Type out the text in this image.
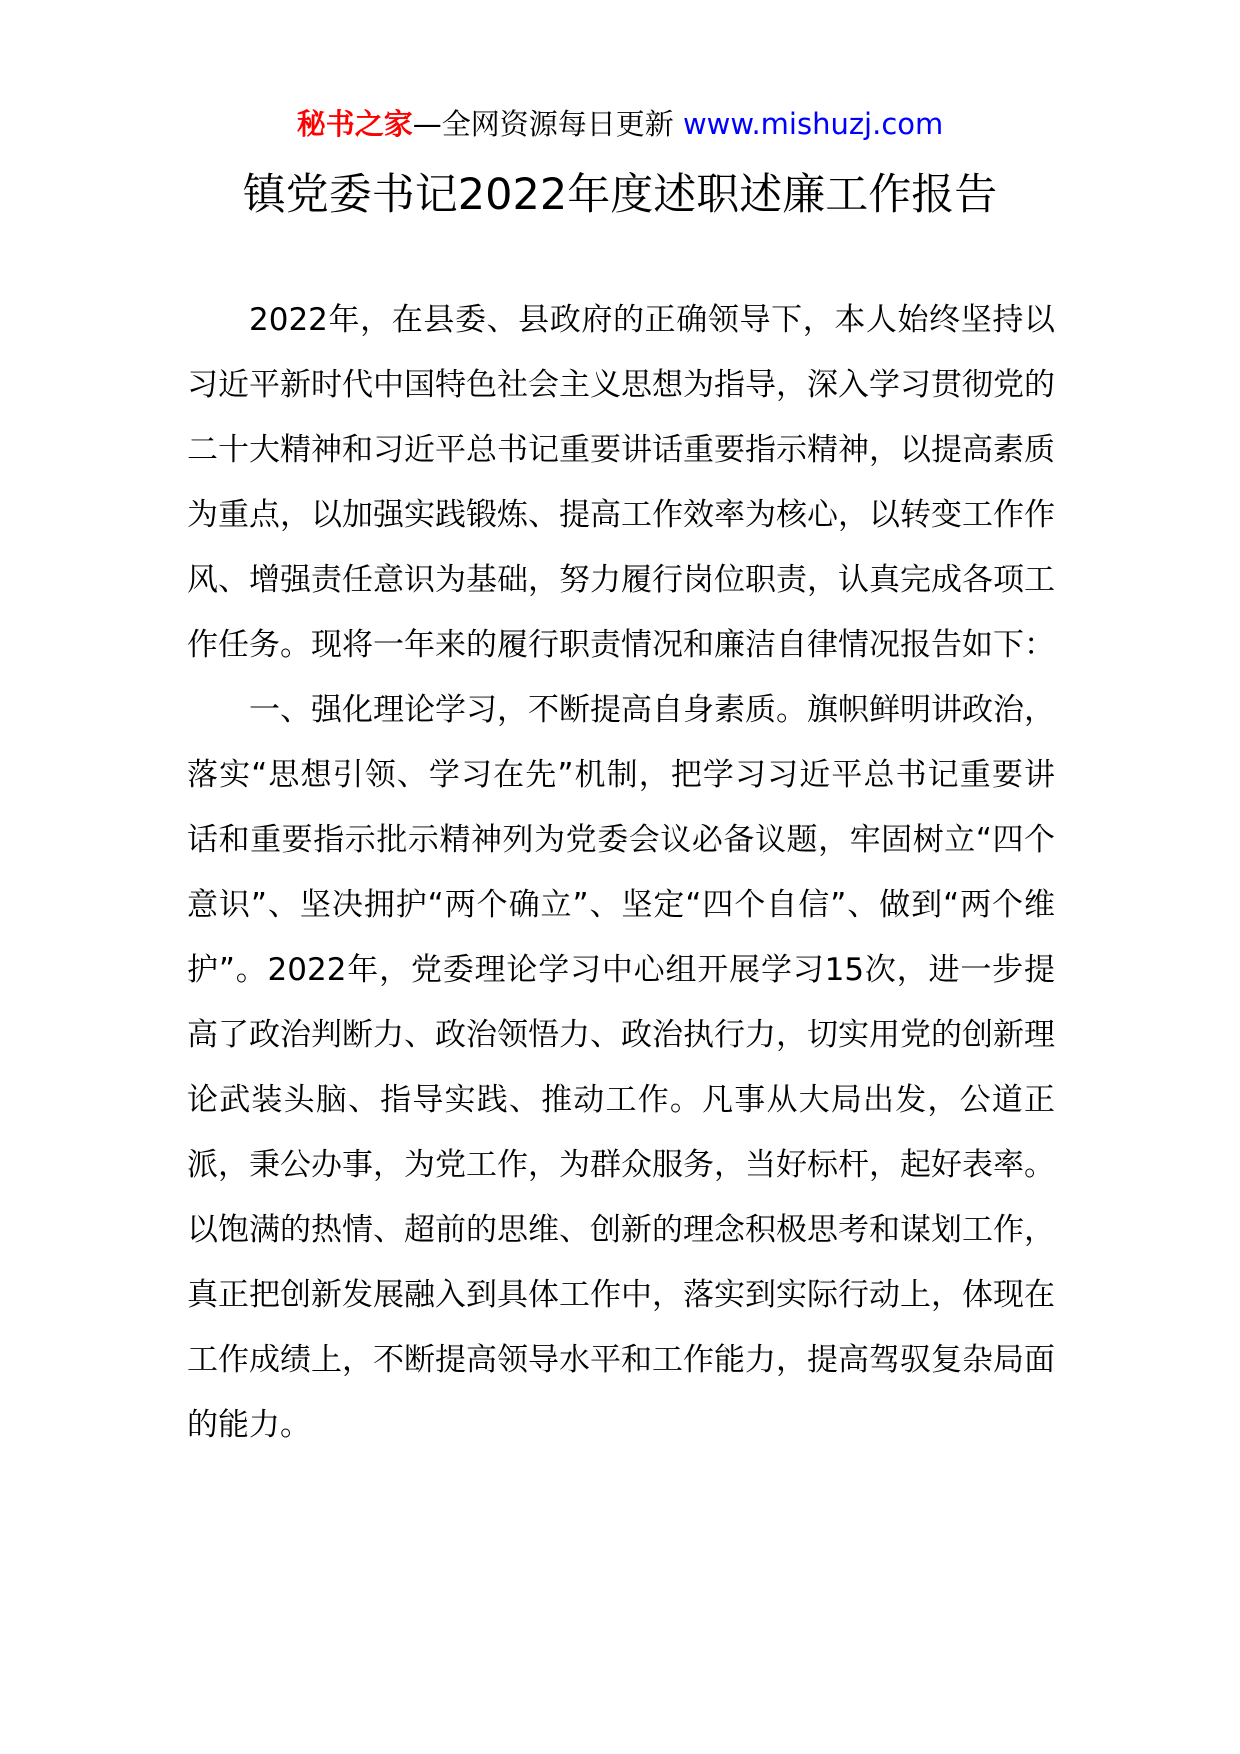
秘书之家—全网资源每日更新 www.mishuzj.com
镇党委书记2022年度述职述廉工作报告

2022年，在县委、县政府的正确领导下，本人始终坚持以习近平新时代中国特色社会主义思想为指导，深入学习贯彻党的二十大精神和习近平总书记重要讲话重要指示精神，以提高素质为重点，以加强实践锻炼、提高工作效率为核心，以转变工作作风、增强责任意识为基础，努力履行岗位职责，认真完成各项工作任务。现将一年来的履行职责情况和廉洁自律情况报告如下：

一、强化理论学习，不断提高自身素质。旗帜鲜明讲政治，落实“思想引领、学习在先”机制，把学习习近平总书记重要讲话和重要指示批示精神列为党委会议必备议题，牢固树立“四个意识”、坚决拥护“两个确立”、坚定“四个自信”、做到“两个维护”。2022年，党委理论学习中心组开展学习15次，进一步提高了政治判断力、政治领悟力、政治执行力，切实用党的创新理论武装头脑、指导实践、推动工作。凡事从大局出发，公道正派，秉公办事，为党工作，为群众服务，当好标杆，起好表率。以饱满的热情、超前的思维、创新的理念积极思考和谋划工作，真正把创新发展融入到具体工作中，落实到实际行动上，体现在工作成绩上，不断提高领导水平和工作能力，提高驾驭复杂局面的能力。
